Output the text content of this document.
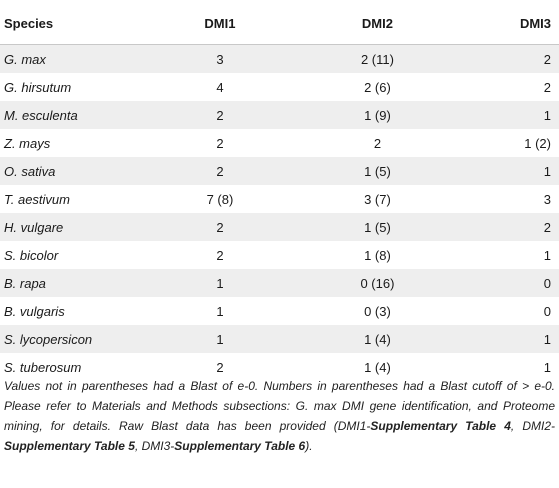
Species	DMI1	DMI2	DMI3
G. max	3	2 (11)	2
G. hirsutum	4	2 (6)	2
M. esculenta	2	1 (9)	1
Z. mays	2	2	1 (2)
O. sativa	2	1 (5)	1
T. aestivum	7 (8)	3 (7)	3
H. vulgare	2	1 (5)	2
S. bicolor	2	1 (8)	1
B. rapa	1	0 (16)	0
B. vulgaris	1	0 (3)	0
S. lycopersicon	1	1 (4)	1
S. tuberosum	2	1 (4)	1

Values not in parentheses had a Blast of e-0. Numbers in parentheses had a Blast cutoff of > e-0. Please refer to Materials and Methods subsections: G. max DMI gene identification, and Proteome mining, for details. Raw Blast data has been provided (DMI1-Supplementary Table 4, DMI2-Supplementary Table 5, DMI3-Supplementary Table 6).
